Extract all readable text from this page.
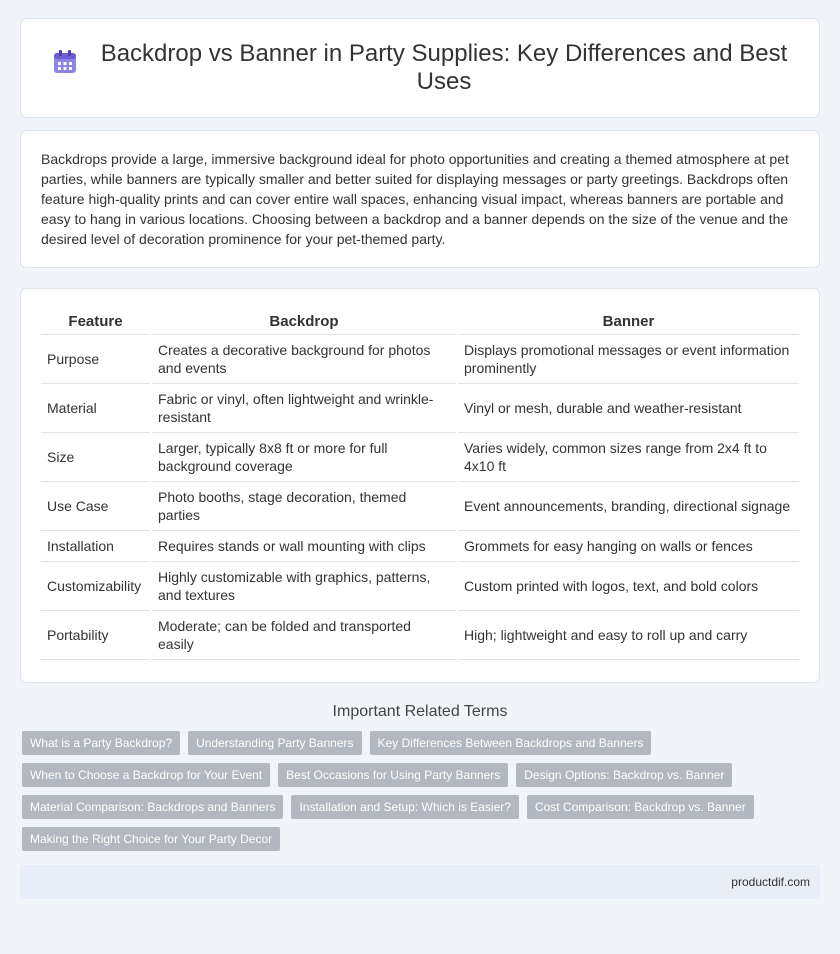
Backdrop vs Banner in Party Supplies: Key Differences and Best Uses

Backdrops provide a large, immersive background ideal for photo opportunities and creating a themed atmosphere at pet parties, while banners are typically smaller and better suited for displaying messages or party greetings. Backdrops often feature high-quality prints and can cover entire wall spaces, enhancing visual impact, whereas banners are portable and easy to hang in various locations. Choosing between a backdrop and a banner depends on the size of the venue and the desired level of decoration prominence for your pet-themed party.

Feature	Backdrop	Banner
Purpose	Creates a decorative background for photos and events	Displays promotional messages or event information prominently
Material	Fabric or vinyl, often lightweight and wrinkle-resistant	Vinyl or mesh, durable and weather-resistant
Size	Larger, typically 8x8 ft or more for full background coverage	Varies widely, common sizes range from 2x4 ft to 4x10 ft
Use Case	Photo booths, stage decoration, themed parties	Event announcements, branding, directional signage
Installation	Requires stands or wall mounting with clips	Grommets for easy hanging on walls or fences
Customizability	Highly customizable with graphics, patterns, and textures	Custom printed with logos, text, and bold colors
Portability	Moderate; can be folded and transported easily	High; lightweight and easy to roll up and carry

Important Related Terms

What is a Party Backdrop?	Understanding Party Banners	Key Differences Between Backdrops and Banners
When to Choose a Backdrop for Your Event	Best Occasions for Using Party Banners	Design Options: Backdrop vs. Banner
Material Comparison: Backdrops and Banners	Installation and Setup: Which is Easier?	Cost Comparison: Backdrop vs. Banner
Making the Right Choice for Your Party Decor
productdif.com
